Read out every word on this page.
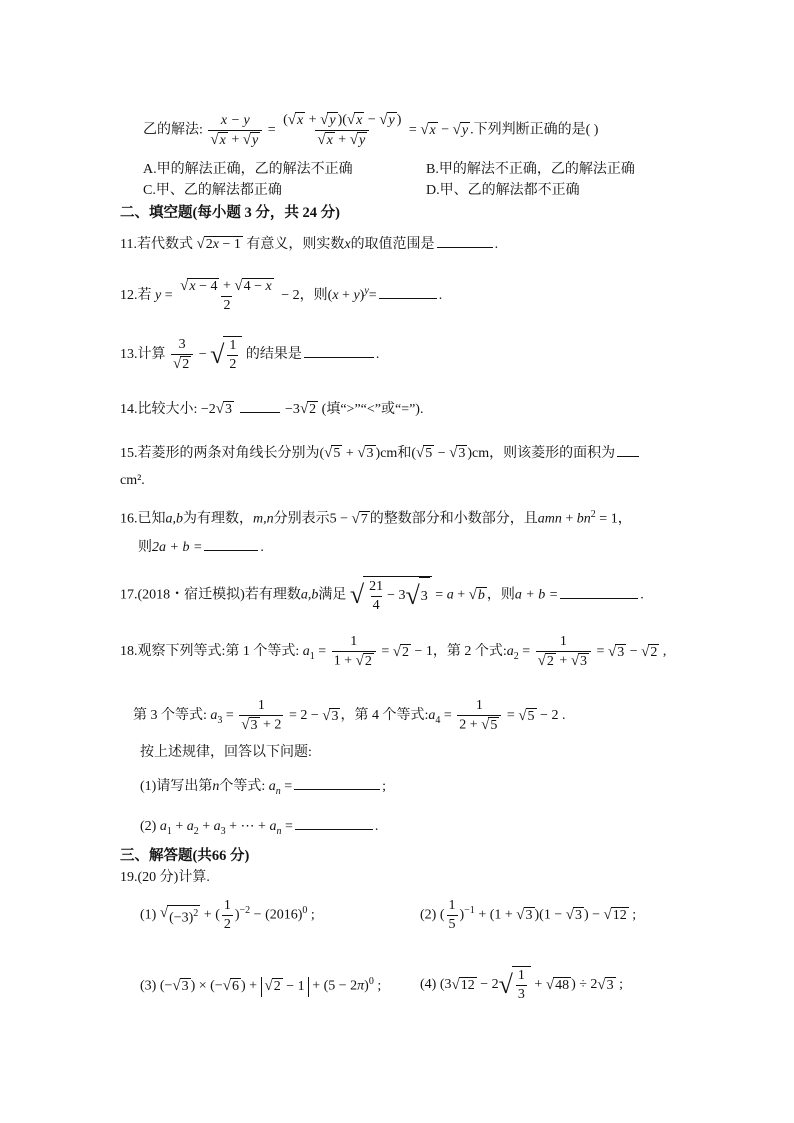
乙的解法: $\frac{x - y}{√ x + √ y} = \frac{( √ x + √ y )( √ x - √ y )}{√ x + √ y}$ = √ x − √ y .下列判断正确的是( )
A.甲的解法正确，乙的解法不正确	B.甲的解法不正确，乙的解法正确
C.甲、乙的解法都正确	D.甲、乙的解法都不正确
二、填空题(每小题 3 分，共 24 分)
11.若代数式 √ 2x − 1 有意义，则实数x的取值范围是	.
12.若 $y = \frac{√ x - 4 + √ 4 - x}{2} - 2$，则$(x + y)^y=$	.
13.计算 $\frac{3}{√ 2}$ − √ $\frac{1}{2}$ 的结果是	.
14.比较大小: −2 √ 3	−3 √ 2 (填“>”“<”或“=”).
15.若菱形的两条对角线长分别为( √ 5 + √ 3 )cm和( √ 5 − √ 3 )cm，则该菱形的面积为
cm².
16.已知a,b为有理数，m,n分别表示5 − √ 7 的整数部分和小数部分，且amn + $bn^2 = 1$，
则2a + b =	.
17.(2018・宿迁模拟)若有理数a,b满足 √ $\frac{21}{4} - 3$ √ 3 = a + √ b ，则a + b =	.
18.观察下列等式:第 1 个等式: $a_1 = \frac{1}{1 + √ 2}$ = √ 2 − 1，第 2 个式$:a_2 = \frac{1}{√ 2 + √ 3}$ = √ 3 − √ 2 ,
第 3 个等式: $a_3 = \frac{1}{√ 3 + 2} = 2$ − √ 3 ，第 4 个等式$:a_4 = \frac{1}{2 + √ 5}$ = √ 5 − 2 .
按上述规律，回答以下问题:
(1)请写出第n个等式: $a_n$ =	;
(2) $a_1 + a_2 + a_3$ + ⋯ + $a_n$ =	.
三、解答题(共66 分)
19.(20 分)计算.
(1) √ $(-3)^2$ + ( $\frac{1}{2} )^{-2} - (2016)^0$ ;	(2) ( $\frac{1}{5} )^{-1} + (1$ + √ 3 )(1 − √ 3 ) − √ 12 ;
(3) (− √ 3 ) × (− √ 6 ) + √ $2 - 1 + (5 - 2\pi)^0$ ;	(4) (3 √ 12 − 2 √ $\frac{1}{3}$ + √ 48 ) ÷ 2 √ 3 ;
